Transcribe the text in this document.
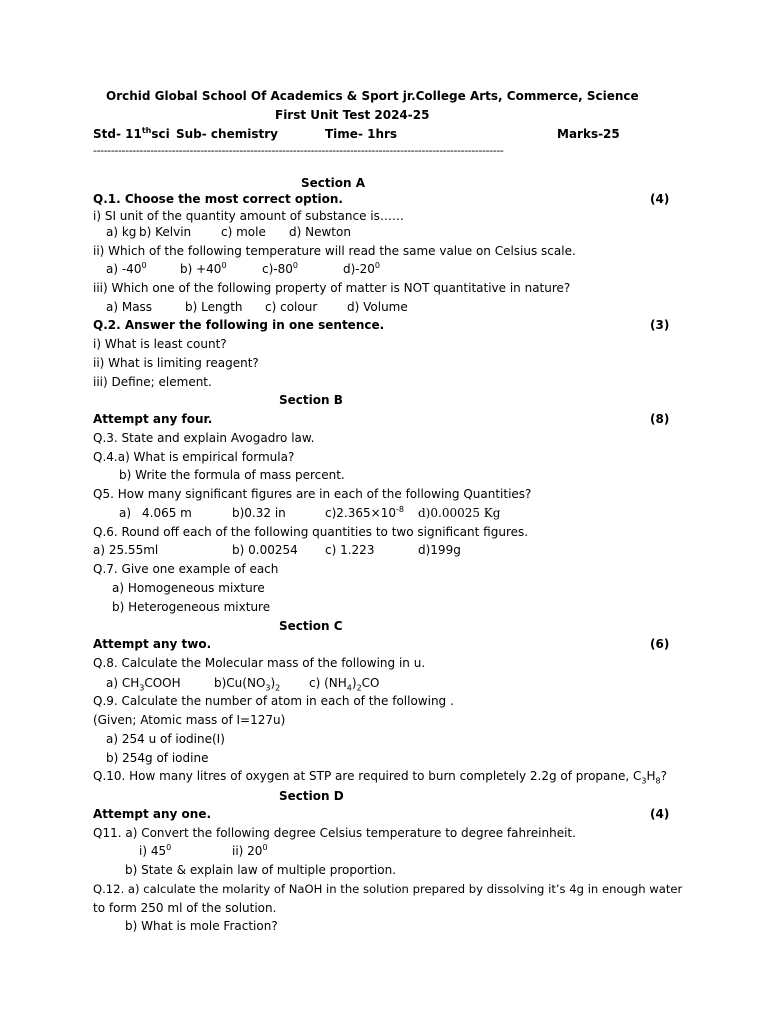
Orchid Global School Of Academics & Sport jr.College Arts, Commerce, Science
First Unit Test 2024-25
Std- 11thsci Sub- chemistry	Time- 1hrs	Marks-25
-------------------------------------------------------------------------------------------------------------------
Section A
Q.1. Choose the most correct option.	(4)
i) SI unit of the quantity amount of substance is……
a) kg b) Kelvin c) mole d) Newton
ii) Which of the following temperature will read the same value on Celsius scale.
a) $-40^0$	$b) +40^0$	$c)-80^0$	$d)-20^0$
iii) Which one of the following property of matter is NOT quantitative in nature?
a) Mass	b) Length c) colour d) Volume
Q.2. Answer the following in one sentence.	(3)
i) What is least count?
ii) What is limiting reagent?
iii) Define; element.
Section B
Attempt any four.	(8)
Q.3. State and explain Avogadro law.
Q.4.a) What is empirical formula?
b) Write the formula of mass percent.
Q5. How many significant figures are in each of the following Quantities?
a) 4.065 m	b)0.32 in	$c)2.365\times 10^{-8}$ d)0.00025 Kg
Q.6. Round off each of the following quantities to two significant figures.
a) 25.55ml	b) 0.00254 c) 1.223	d)199g
Q.7. Give one example of each
a) Homogeneous mixture
b) Heterogeneous mixture
Section C
Attempt any two.	(6)
Q.8. Calculate the Molecular mass of the following in u.
a) $CH_3COOH$	$b)Cu(NO_3)_2$ c) $(NH_4)_2CO$
Q.9. Calculate the number of atom in each of the following .
(Given; Atomic mass of I=127u)
a) 254 u of iodine(I)
b) 254g of iodine
Q.10. How many litres of oxygen at STP are required to burn completely 2.2g of propane, $C_3H_8$?
Section D
Attempt any one.	(4)
Q11. a) Convert the following degree Celsius temperature to degree fahreinheit.
i) $45^0$	ii) $20^0$
b) State & explain law of multiple proportion.
Q.12. a) calculate the molarity of NaOH in the solution prepared by dissolving it’s 4g in enough water
to form 250 ml of the solution.
b) What is mole Fraction?
